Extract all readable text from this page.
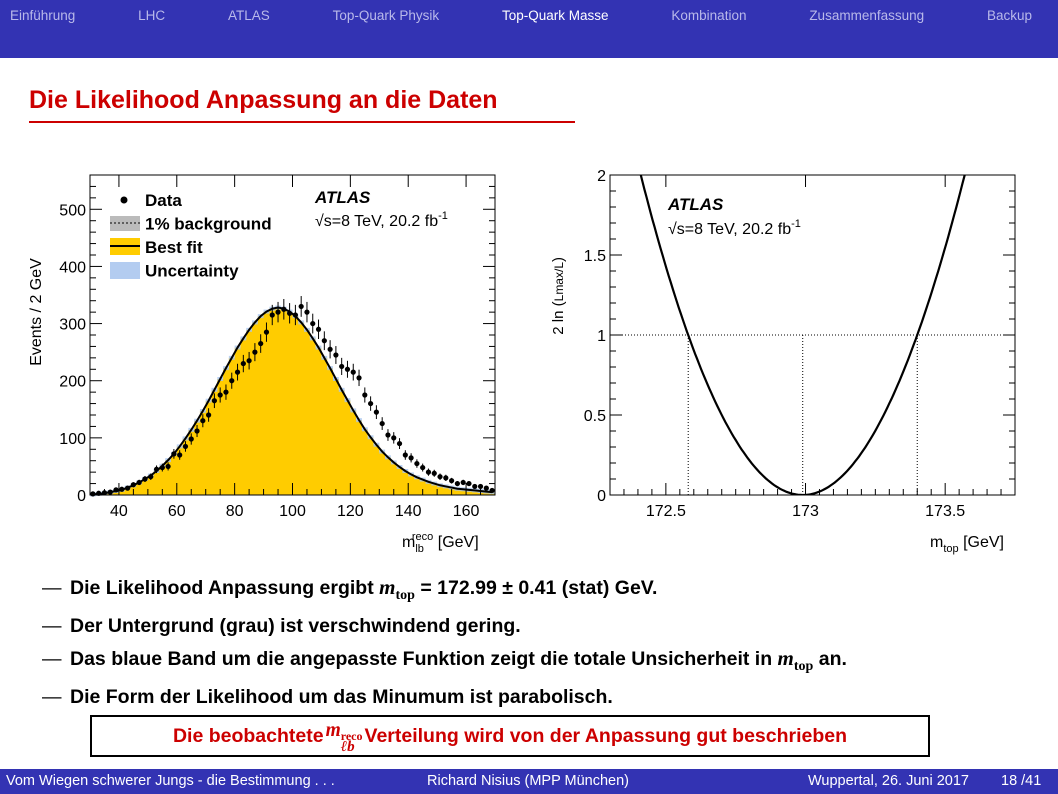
Einführung	LHC	ATLAS	Top-Quark Physik	Top-Quark Masse	Kombination	Zusammenfassung	Backup
Die Likelihood Anpassung an die Daten
0
100
200
300
400
500
40	60	80 100 120 140 160
Events / 2 GeV
$m_{lb}reco$ [GeV]
ATLAS
√s=8 TeV, 20.2 $fb^{-1}$
Data
1% background
Best fit
Uncertainty
0
0.5
1
1.5
2
172.5	173	173.5
2 ln (Lmax/L)
$m_{top}$ [GeV]
ATLAS
√s=8 TeV, 20.2 $fb^{-1}$
— Die Likelihood Anpassung ergibt $m_{top} = 172.99 \pm 0.41$ (stat) GeV.
— Der Untergrund (grau) ist verschwindend gering.
— Das blaue Band um die angepasste Funktion zeigt die totale Unsicherheit in $m_{top}$ an.
— Die Form der Likelihood um das Minumum ist parabolisch.
Die beobachtete m reco
ℓb Verteilung wird von der Anpassung gut beschrieben
Vom Wiegen schwerer Jungs - die Bestimmung . . .	Richard Nisius (MPP München)	Wuppertal, 26. Juni 2017 18 /41
